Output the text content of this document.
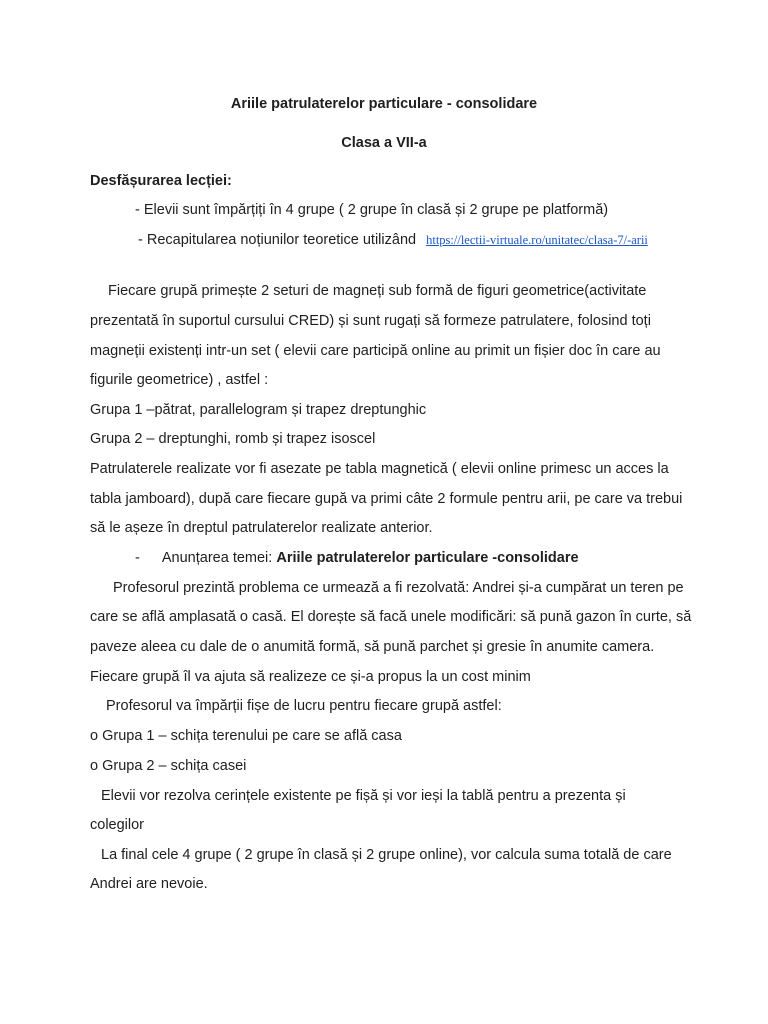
Ariile patrulaterelor particulare - consolidare
Clasa a VII-a
Desfășurarea lecției:
- Elevii sunt împărțiți în 4 grupe ( 2 grupe în clasă și 2 grupe pe platformă)
- Recapitularea noțiunilor teoretice utilizând https://lectii-virtuale.ro/unitatec/clasa-7/-arii
Fiecare grupă primește 2 seturi de magneți sub formă de figuri geometrice(activitate
prezentată în suportul cursului CRED) și sunt rugați să formeze patrulatere, folosind toți
magneții existenți intr-un set ( elevii care participă online au primit un fișier doc în care au
figurile geometrice) , astfel :
Grupa 1 –pătrat, parallelogram și trapez dreptunghic
Grupa 2 – dreptunghi, romb și trapez isoscel
Patrulaterele realizate vor fi asezate pe tabla magnetică ( elevii online primesc un acces la
tabla jamboard), după care fiecare gupă va primi câte 2 formule pentru arii, pe care va trebui
să le așeze în dreptul patrulaterelor realizate anterior.
- Anunțarea temei: Ariile patrulaterelor particulare -consolidare
Profesorul prezintă problema ce urmează a fi rezolvată: Andrei și-a cumpărat un teren pe
care se află amplasată o casă. El dorește să facă unele modificări: să pună gazon în curte, să
paveze aleea cu dale de o anumită formă, să pună parchet și gresie în anumite camera.
Fiecare grupă îl va ajuta să realizeze ce și-a propus la un cost minim
Profesorul va împărții fișe de lucru pentru fiecare grupă astfel:
o Grupa 1 – schița terenului pe care se află casa
o Grupa 2 – schița casei
Elevii vor rezolva cerințele existente pe fișă și vor ieși la tablă pentru a prezenta și
colegilor
La final cele 4 grupe ( 2 grupe în clasă și 2 grupe online), vor calcula suma totală de care
Andrei are nevoie.
